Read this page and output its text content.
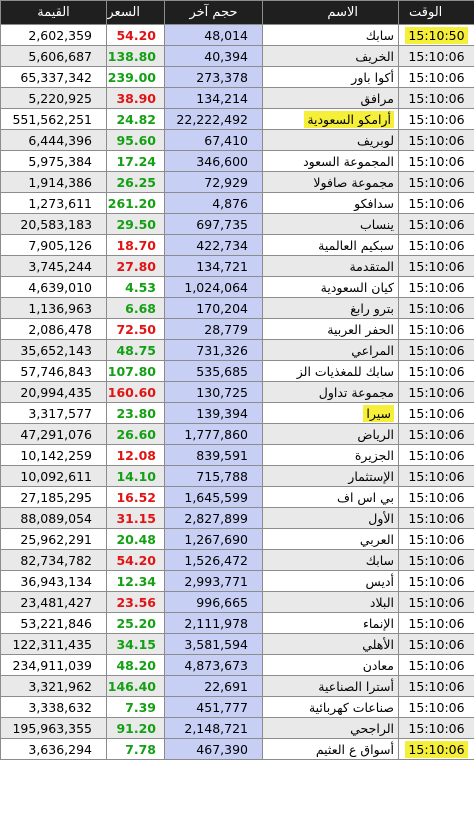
القيمة	السعر	حجم آخر	الاسم	الوقت
2,602,359	54.20	48,014	سابك	15:10:50
5,606,687	138.80	40,394	الخريف	15:10:06
65,337,342	239.00	273,378	أكوا باور	15:10:06
5,220,925	38.90	134,214	مرافق	15:10:06
551,562,251	24.82	22,222,492	أرامكو السعودية	15:10:06
6,444,396	95.60	67,410	لوبريف	15:10:06
5,975,384	17.24	346,600	المجموعة السعود	15:10:06
1,914,386	26.25	72,929	مجموعة صافولا	15:10:06
1,273,611	261.20	4,876	سدافكو	15:10:06
20,583,183	29.50	697,735	ينساب	15:10:06
7,905,126	18.70	422,734	سبكيم العالمية	15:10:06
3,745,244	27.80	134,721	المتقدمة	15:10:06
4,639,010	4.53	1,024,064	كيان السعودية	15:10:06
1,136,963	6.68	170,204	بترو رابغ	15:10:06
2,086,478	72.50	28,779	الحفر العربية	15:10:06
35,652,143	48.75	731,326	المراعي	15:10:06
57,746,843	107.80	535,685	سابك للمغذيات الز	15:10:06
20,994,435	160.60	130,725	مجموعة تداول	15:10:06
3,317,577	23.80	139,394	سيرا	15:10:06
47,291,076	26.60	1,777,860	الرياض	15:10:06
10,142,259	12.08	839,591	الجزيرة	15:10:06
10,092,611	14.10	715,788	الإستثمار	15:10:06
27,185,295	16.52	1,645,599	بي اس اف	15:10:06
88,089,054	31.15	2,827,899	الأول	15:10:06
25,962,291	20.48	1,267,690	العربي	15:10:06
82,734,782	54.20	1,526,472	سابك	15:10:06
36,943,134	12.34	2,993,771	أديس	15:10:06
23,481,427	23.56	996,665	البلاد	15:10:06
53,221,846	25.20	2,111,978	الإنماء	15:10:06
122,311,435	34.15	3,581,594	الأهلي	15:10:06
234,911,039	48.20	4,873,673	معادن	15:10:06
3,321,962	146.40	22,691	أسترا الصناعية	15:10:06
3,338,632	7.39	451,777	صناعات كهربائية	15:10:06
195,963,355	91.20	2,148,721	الراجحي	15:10:06
3,636,294	7.78	467,390	أسواق ع العثيم	15:10:06
